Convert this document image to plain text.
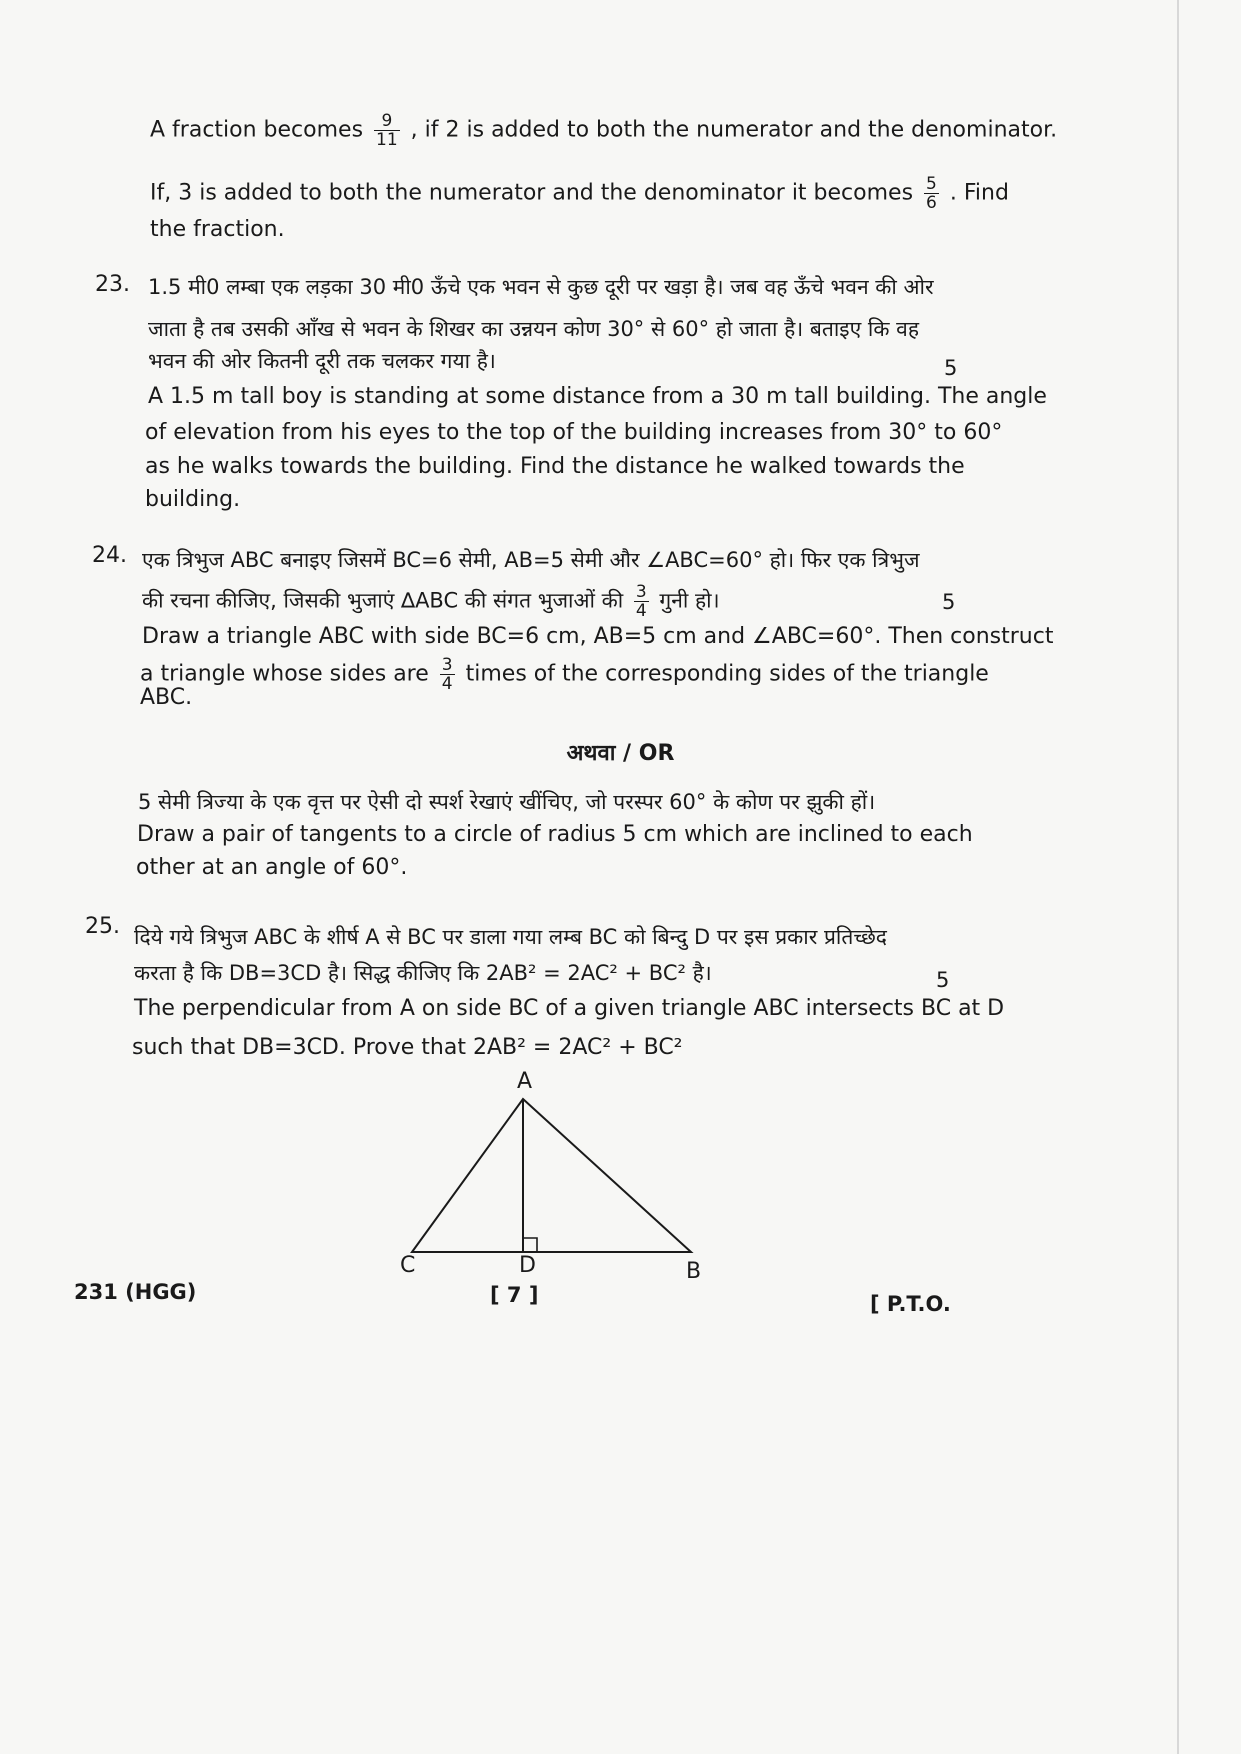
A fraction becomes $\frac{9}{11}$ , if 2 is added to both the numerator and the denominator.
If, 3 is added to both the numerator and the denominator it becomes $\frac{5}{6}$ . Find
the fraction.
23. 1.5 मी0 लम्बा एक लड़का 30 मी0 ऊँचे एक भवन से कुछ दूरी पर खड़ा है। जब वह ऊँचे भवन की ओर
जाता है तब उसकी आँख से भवन के शिखर का उन्नयन कोण 30° से 60° हो जाता है। बताइए कि वह
भवन की ओर कितनी दूरी तक चलकर गया है।	5
A 1.5 m tall boy is standing at some distance from a 30 m tall building. The angle
of elevation from his eyes to the top of the building increases from 30° to 60°
as he walks towards the building. Find the distance he walked towards the
building.
24. एक त्रिभुज ABC बनाइए जिसमें BC=6 सेमी, AB=5 सेमी और ∠ABC=60° हो। फिर एक त्रिभुज
की रचना कीजिए, जिसकी भुजाएं ∆ABC की संगत भुजाओं की $\frac{3}{4}$ गुनी हो।	5
Draw a triangle ABC with side BC=6 cm, AB=5 cm and ∠ABC=60°. Then construct
a triangle whose sides are $\frac{3}{4}$ times of the corresponding sides of the triangle
ABC.
अथवा / OR
5 सेमी त्रिज्या के एक वृत्त पर ऐसी दो स्पर्श रेखाएं खींचिए, जो परस्पर 60° के कोण पर झुकी हों।
Draw a pair of tangents to a circle of radius 5 cm which are inclined to each
other at an angle of 60°.
25. दिये गये त्रिभुज ABC के शीर्ष A से BC पर डाला गया लम्ब BC को बिन्दु D पर इस प्रकार प्रतिच्छेद
करता है कि DB=3CD है। सिद्ध कीजिए कि 2AB² = 2AC² + BC² है।	5
The perpendicular from A on side BC of a given triangle ABC intersects BC at D
such that DB=3CD. Prove that 2AB² = 2AC² + BC²
A
C	D	B
231 (HGG)	[ 7 ]	[ P.T.O.
